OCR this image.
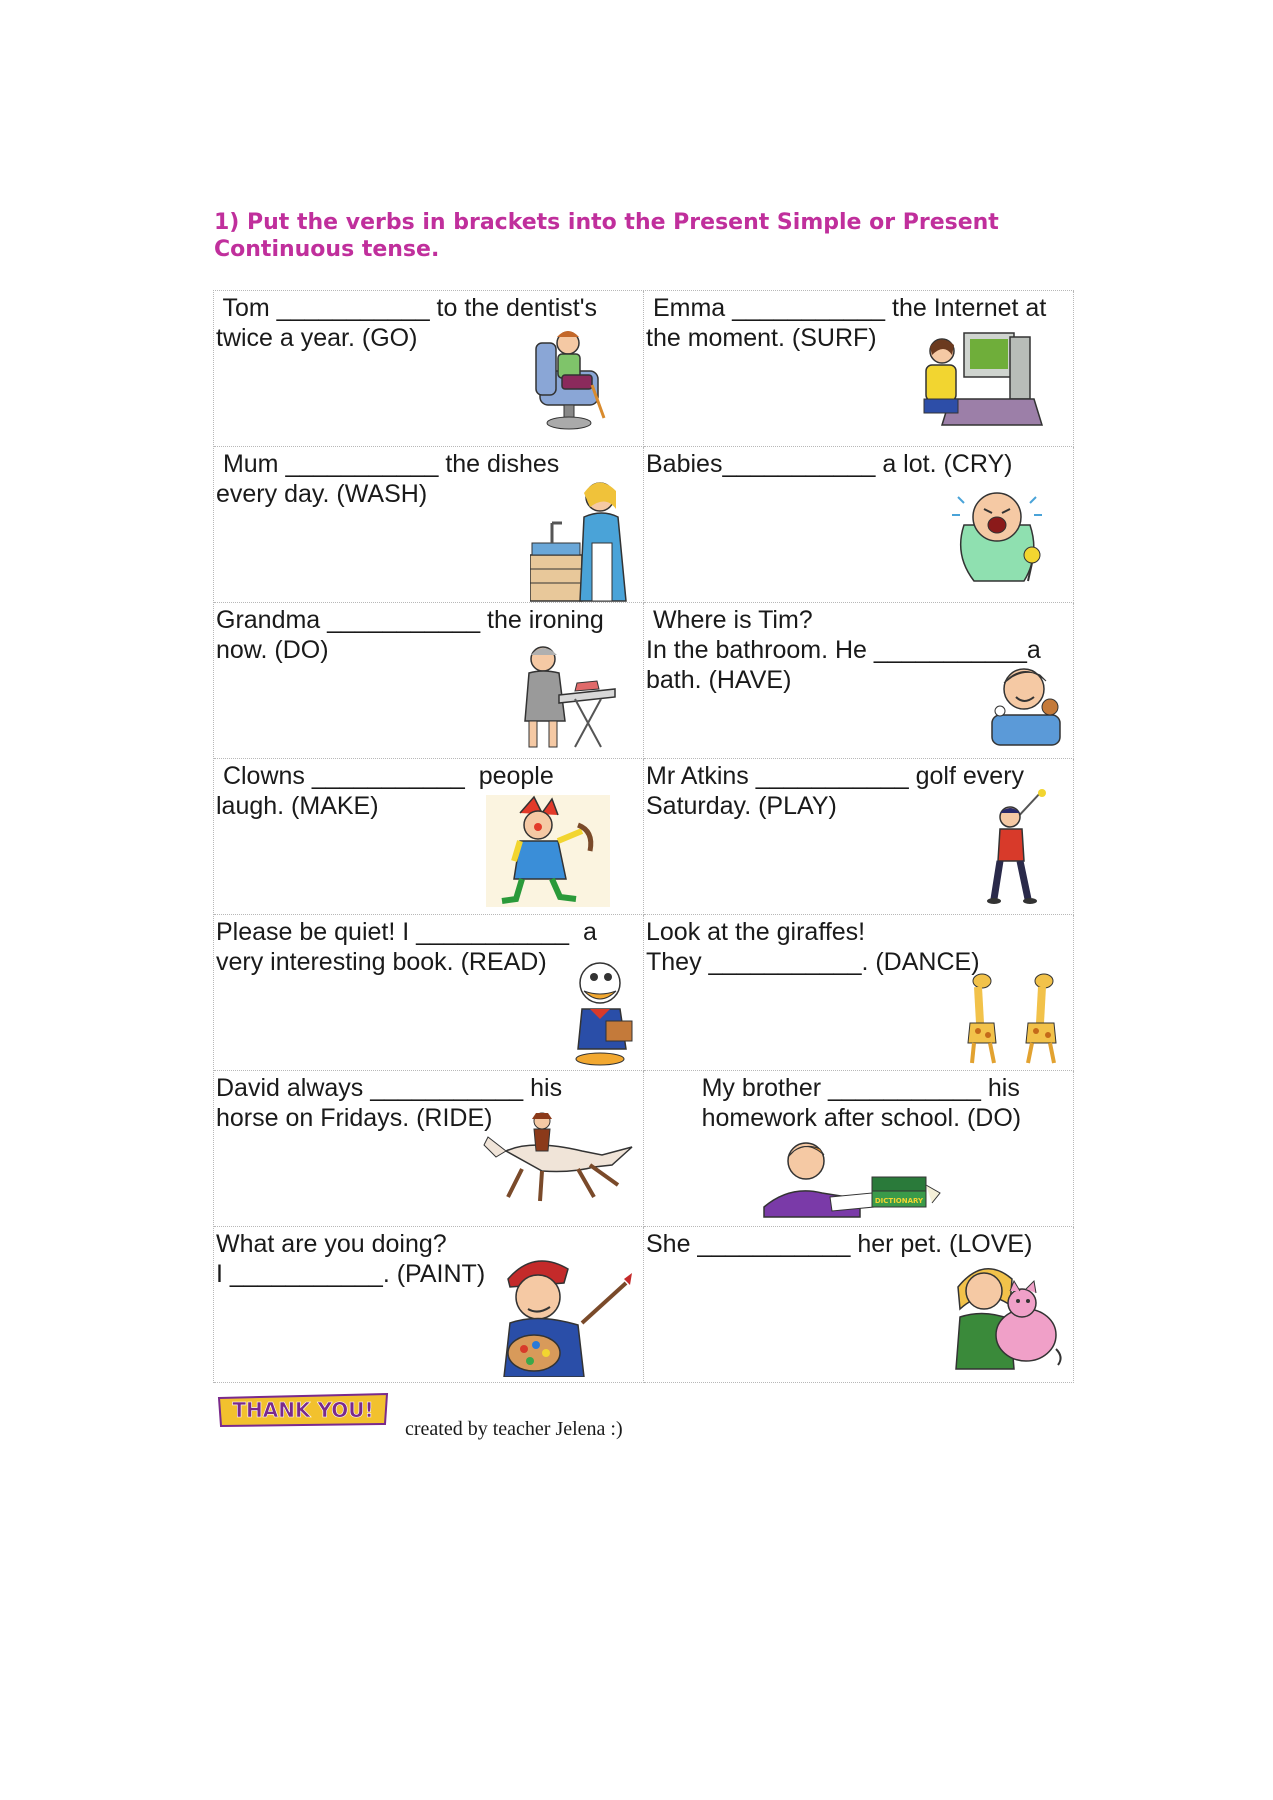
1) Put the verbs in brackets into the Present Simple or Present Continuous tense.

Tom ___________ to the dentist's

twice a year. (GO)

Emma ___________ the Internet at

the moment. (SURF)

Mum ___________ the dishes

every day. (WASH)

Babies___________ a lot. (CRY)

Grandma ___________ the ironing

now. (DO)

Where is Tim?

In the bathroom. He ___________a

bath. (HAVE)

Clowns ___________  people

laugh. (MAKE)

Mr Atkins ___________ golf every

Saturday. (PLAY)

Please be quiet! I ___________  a

very interesting book. (READ)

Look at the giraffes!

They ___________. (DANCE)

David always ___________ his

horse on Fridays. (RIDE)

My brother ___________ his

homework after school. (DO)

DICTIONARY

What are you doing?

I ___________. (PAINT)

She ___________ her pet. (LOVE)

THANK YOU!
created by teacher Jelena :)
